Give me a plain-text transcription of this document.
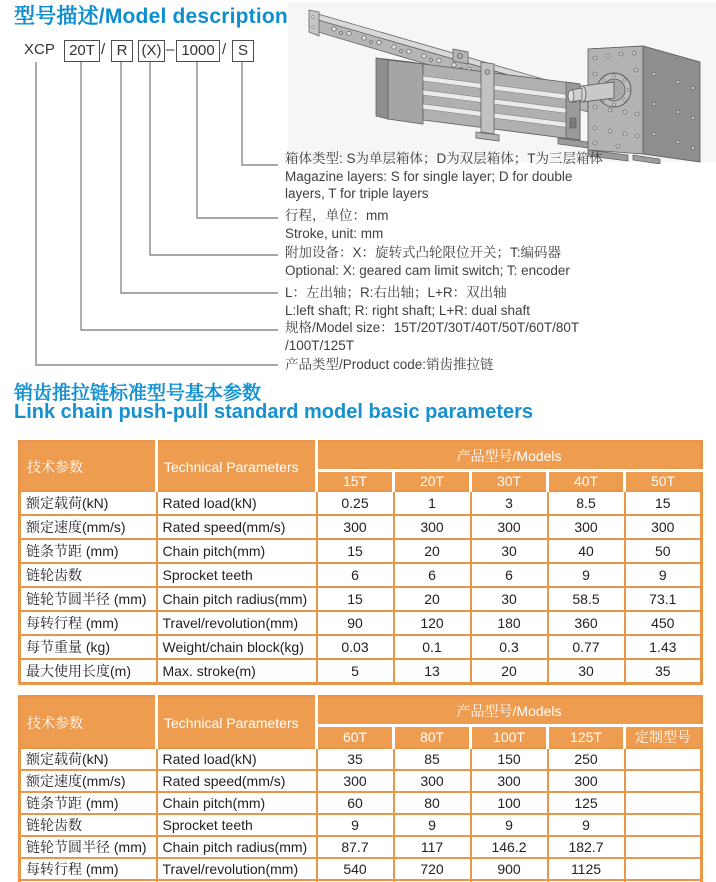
型号描述/Model description
XCP 20T / R (X) – 1000 / S
箱体类型: S为单层箱体；D为双层箱体；T为三层箱体
Magazine layers: S for single layer; D for double
layers, T for triple layers
行程，单位：mm
Stroke, unit: mm
附加设备：X：旋转式凸轮限位开关；T:编码器
Optional: X: geared cam limit switch; T: encoder
L：左出轴；R:右出轴；L+R：双出轴
L:left shaft; R: right shaft; L+R: dual shaft
规格/Model size：15T/20T/30T/40T/50T/60T/80T
/100T/125T
产品类型/Product code:销齿推拉链
销齿推拉链标准型号基本参数
Link chain push-pull standard model basic parameters
技术参数	Technical Parameters	产品型号/Models				
		15T	20T	30T	40T	50T
额定载荷(kN)	Rated load(kN)	0.25	1	3	8.5	15
额定速度(mm/s)	Rated speed(mm/s)	300	300	300	300	300
链条节距 (mm)	Chain pitch(mm)	15	20	30	40	50
链轮齿数	Sprocket teeth	6	6	6	9	9
链轮节圆半径 (mm)	Chain pitch radius(mm)	15	20	30	58.5	73.1
每转行程 (mm)	Travel/revolution(mm)	90	120	180	360	450
每节重量 (kg)	Weight/chain block(kg)	0.03	0.1	0.3	0.77	1.43
最大使用长度(m)	Max. stroke(m)	5	13	20	30	35
技术参数	Technical Parameters	产品型号/Models				
		60T	80T	100T	125T	定制型号
额定载荷(kN)	Rated load(kN)	35	85	150	250	
额定速度(mm/s)	Rated speed(mm/s)	300	300	300	300	
链条节距 (mm)	Chain pitch(mm)	60	80	100	125	
链轮齿数	Sprocket teeth	9	9	9	9	
链轮节圆半径 (mm)	Chain pitch radius(mm)	87.7	117	146.2	182.7	
每转行程 (mm)	Travel/revolution(mm)	540	720	900	1125	
